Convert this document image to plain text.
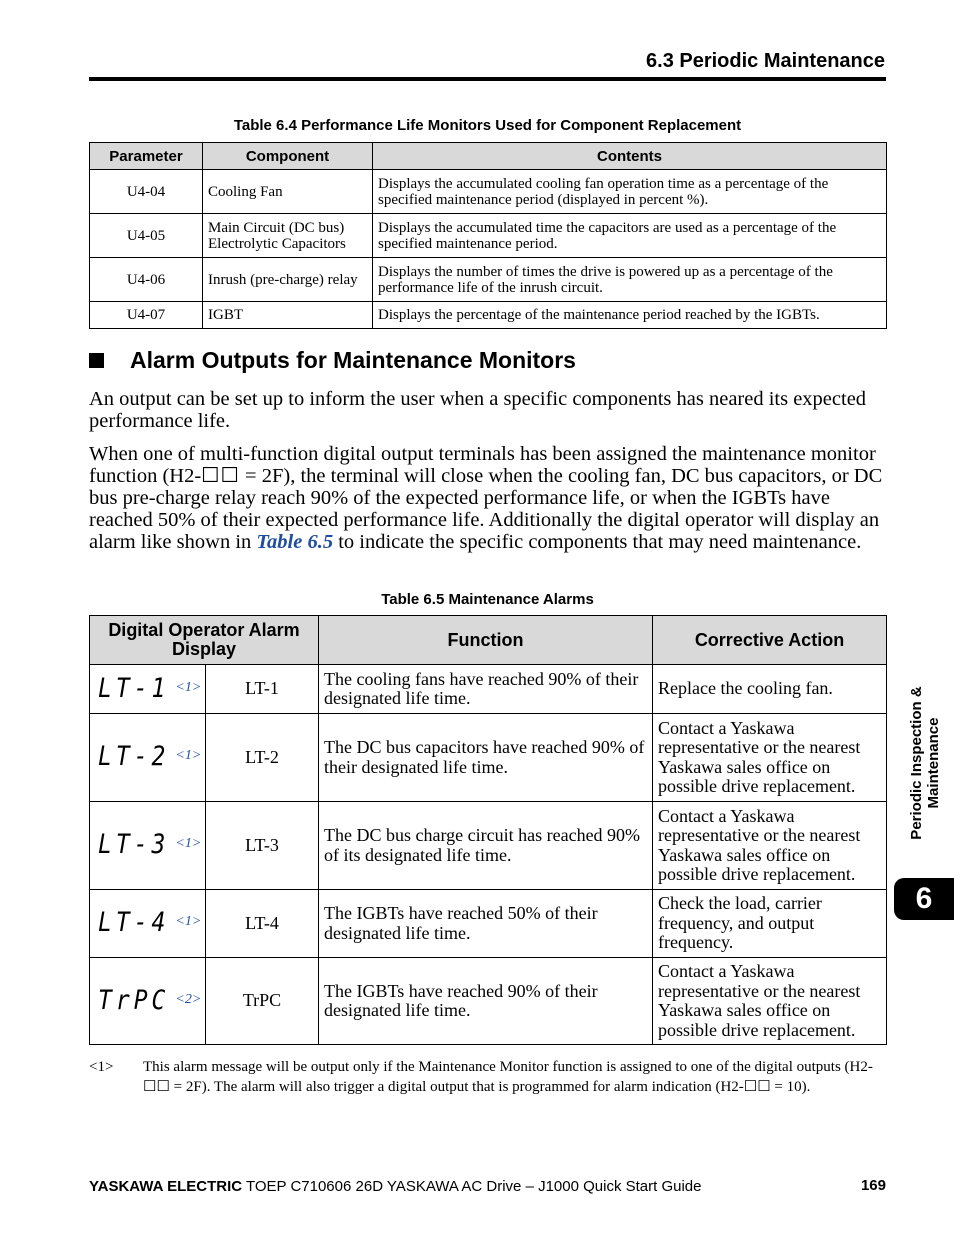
6.3 Periodic Maintenance
Table 6.4 Performance Life Monitors Used for Component Replacement
Parameter	Component	Contents
U4-04	Cooling Fan	Displays the accumulated cooling fan operation time as a percentage of the specified maintenance period (displayed in percent %).
U4-05	Main Circuit (DC bus) Electrolytic Capacitors	Displays the accumulated time the capacitors are used as a percentage of the specified maintenance period.
U4-06	Inrush (pre-charge) relay	Displays the number of times the drive is powered up as a percentage of the performance life of the inrush circuit.
U4-07	IGBT	Displays the percentage of the maintenance period reached by the IGBTs.
Alarm Outputs for Maintenance Monitors
An output can be set up to inform the user when a specific components has neared its expected performance life.
When one of multi-function digital output terminals has been assigned the maintenance monitor function (H2-☐☐ = 2F), the terminal will close when the cooling fan, DC bus capacitors, or DC bus pre-charge relay reach 90% of the expected performance life, or when the IGBTs have reached 50% of their expected performance life. Additionally the digital operator will display an alarm like shown in Table 6.5 to indicate the specific components that may need maintenance.
Table 6.5 Maintenance Alarms
Digital Operator Alarm Display		Function	Corrective Action
LT-1 $^{<1>}$	LT-1	The cooling fans have reached 90% of their designated life time.	Replace the cooling fan.
LT-2 $^{<1>}$	LT-2	The DC bus capacitors have reached 90% of their designated life time.	Contact a Yaskawa representative or the nearest Yaskawa sales office on possible drive replacement.
LT-3 $^{<1>}$	LT-3	The DC bus charge circuit has reached 90% of its designated life time.	Contact a Yaskawa representative or the nearest Yaskawa sales office on possible drive replacement.
LT-4 $^{<1>}$	LT-4	The IGBTs have reached 50% of their designated life time.	Check the load, carrier frequency, and output frequency.
TrPC $^{<2>}$	TrPC	The IGBTs have reached 90% of their designated life time.	Contact a Yaskawa representative or the nearest Yaskawa sales office on possible drive replacement.
<1> This alarm message will be output only if the Maintenance Monitor function is assigned to one of the digital outputs (H2-☐☐ = 2F). The alarm will also trigger a digital output that is programmed for alarm indication (H2-☐☐ = 10).
YASKAWA ELECTRIC TOEP C710606 26D YASKAWA AC Drive – J1000 Quick Start Guide	169
Periodic Inspection & Maintenance
6
